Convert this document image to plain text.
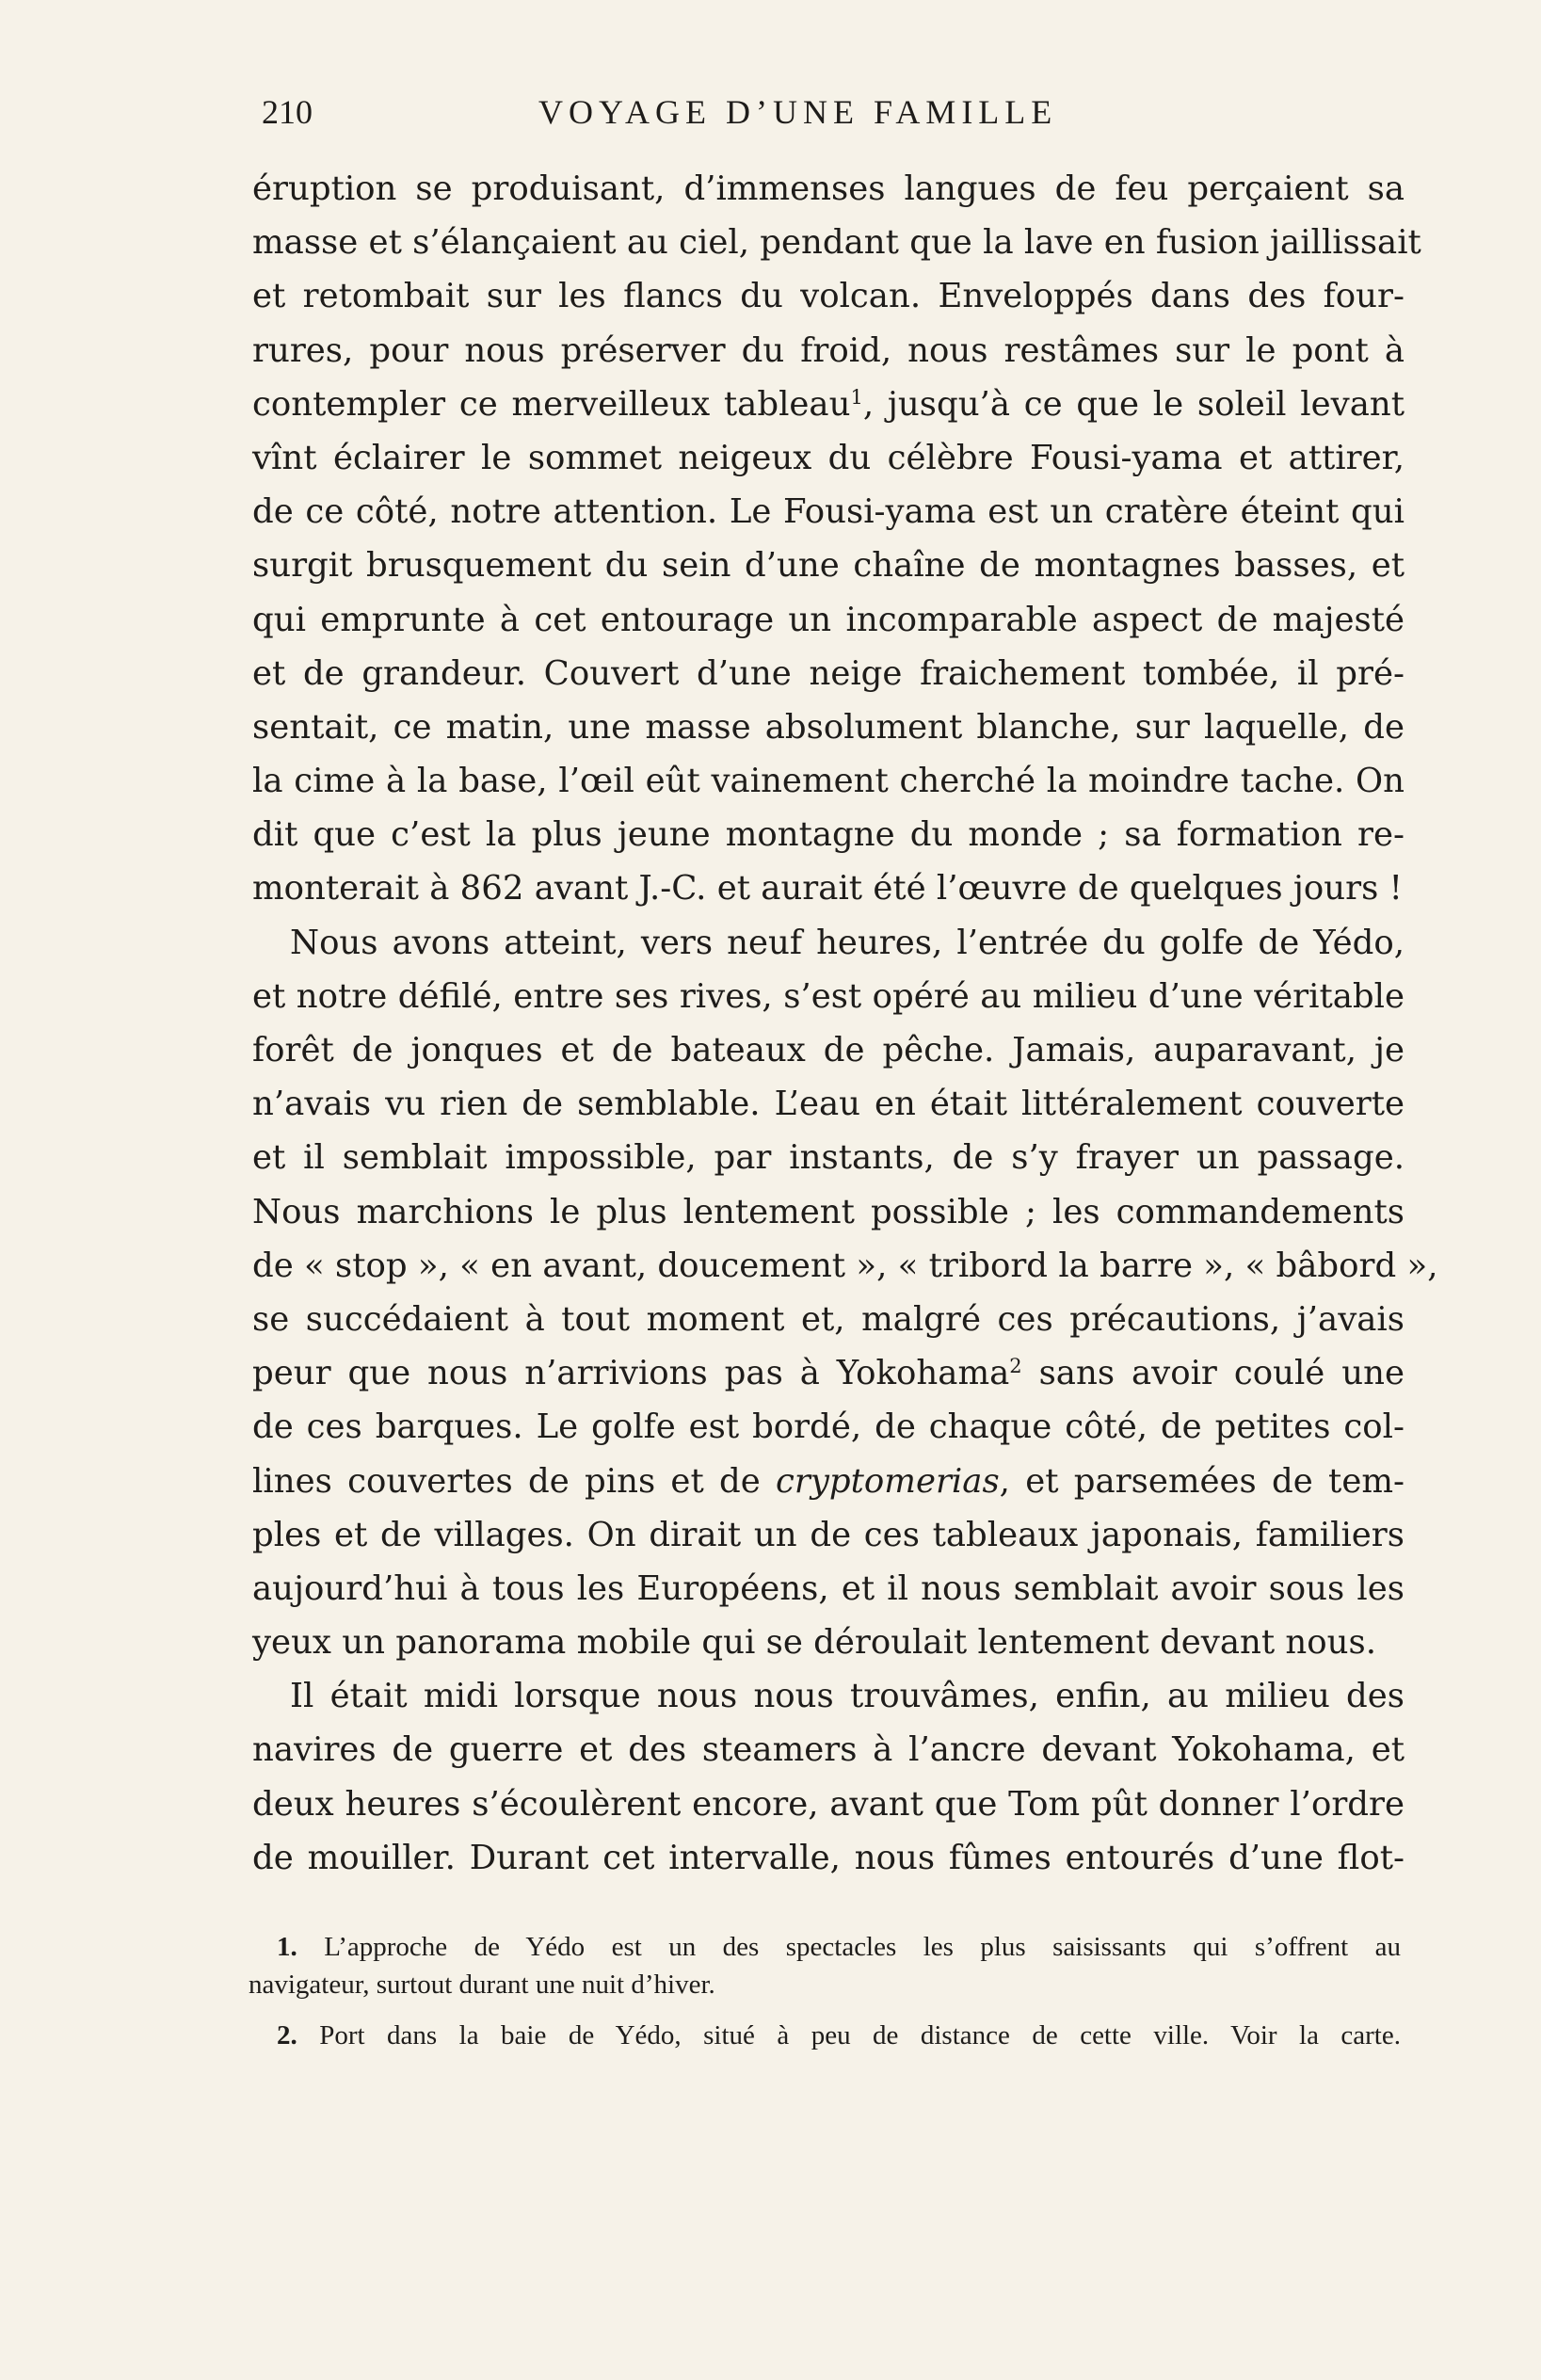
210	VOYAGE D’UNE FAMILLE
éruption se produisant, d’immenses langues de feu perçaient sa
masse et s’élançaient au ciel, pendant que la lave en fusion jaillissait
et retombait sur les flancs du volcan. Enveloppés dans des four-
rures, pour nous préserver du froid, nous restâmes sur le pont à
contempler ce merveilleux tableau$^1$, jusqu’à ce que le soleil levant
vînt éclairer le sommet neigeux du célèbre Fousi-yama et attirer,
de ce côté, notre attention. Le Fousi-yama est un cratère éteint qui
surgit brusquement du sein d’une chaîne de montagnes basses, et
qui emprunte à cet entourage un incomparable aspect de majesté
et de grandeur. Couvert d’une neige fraichement tombée, il pré-
sentait, ce matin, une masse absolument blanche, sur laquelle, de
la cime à la base, l’œil eût vainement cherché la moindre tache. On
dit que c’est la plus jeune montagne du monde ; sa formation re-
monterait à 862 avant J.-C. et aurait été l’œuvre de quelques jours !
Nous avons atteint, vers neuf heures, l’entrée du golfe de Yédo,
et notre défilé, entre ses rives, s’est opéré au milieu d’une véritable
forêt de jonques et de bateaux de pêche. Jamais, auparavant, je
n’avais vu rien de semblable. L’eau en était littéralement couverte
et il semblait impossible, par instants, de s’y frayer un passage.
Nous marchions le plus lentement possible ; les commandements
de « stop », « en avant, doucement », « tribord la barre », « bâbord »,
se succédaient à tout moment et, malgré ces précautions, j’avais
peur que nous n’arrivions pas à Yokohama$^2$ sans avoir coulé une
de ces barques. Le golfe est bordé, de chaque côté, de petites col-
lines couvertes de pins et de cryptomerias, et parsemées de tem-
ples et de villages. On dirait un de ces tableaux japonais, familiers
aujourd’hui à tous les Européens, et il nous semblait avoir sous les
yeux un panorama mobile qui se déroulait lentement devant nous.
Il était midi lorsque nous nous trouvâmes, enfin, au milieu des
navires de guerre et des steamers à l’ancre devant Yokohama, et
deux heures s’écoulèrent encore, avant que Tom pût donner l’ordre
de mouiller. Durant cet intervalle, nous fûmes entourés d’une flot-
1. L’approche de Yédo est un des spectacles les plus saisissants qui s’offrent au
navigateur, surtout durant une nuit d’hiver.
2. Port dans la baie de Yédo, situé à peu de distance de cette ville. Voir la carte.
